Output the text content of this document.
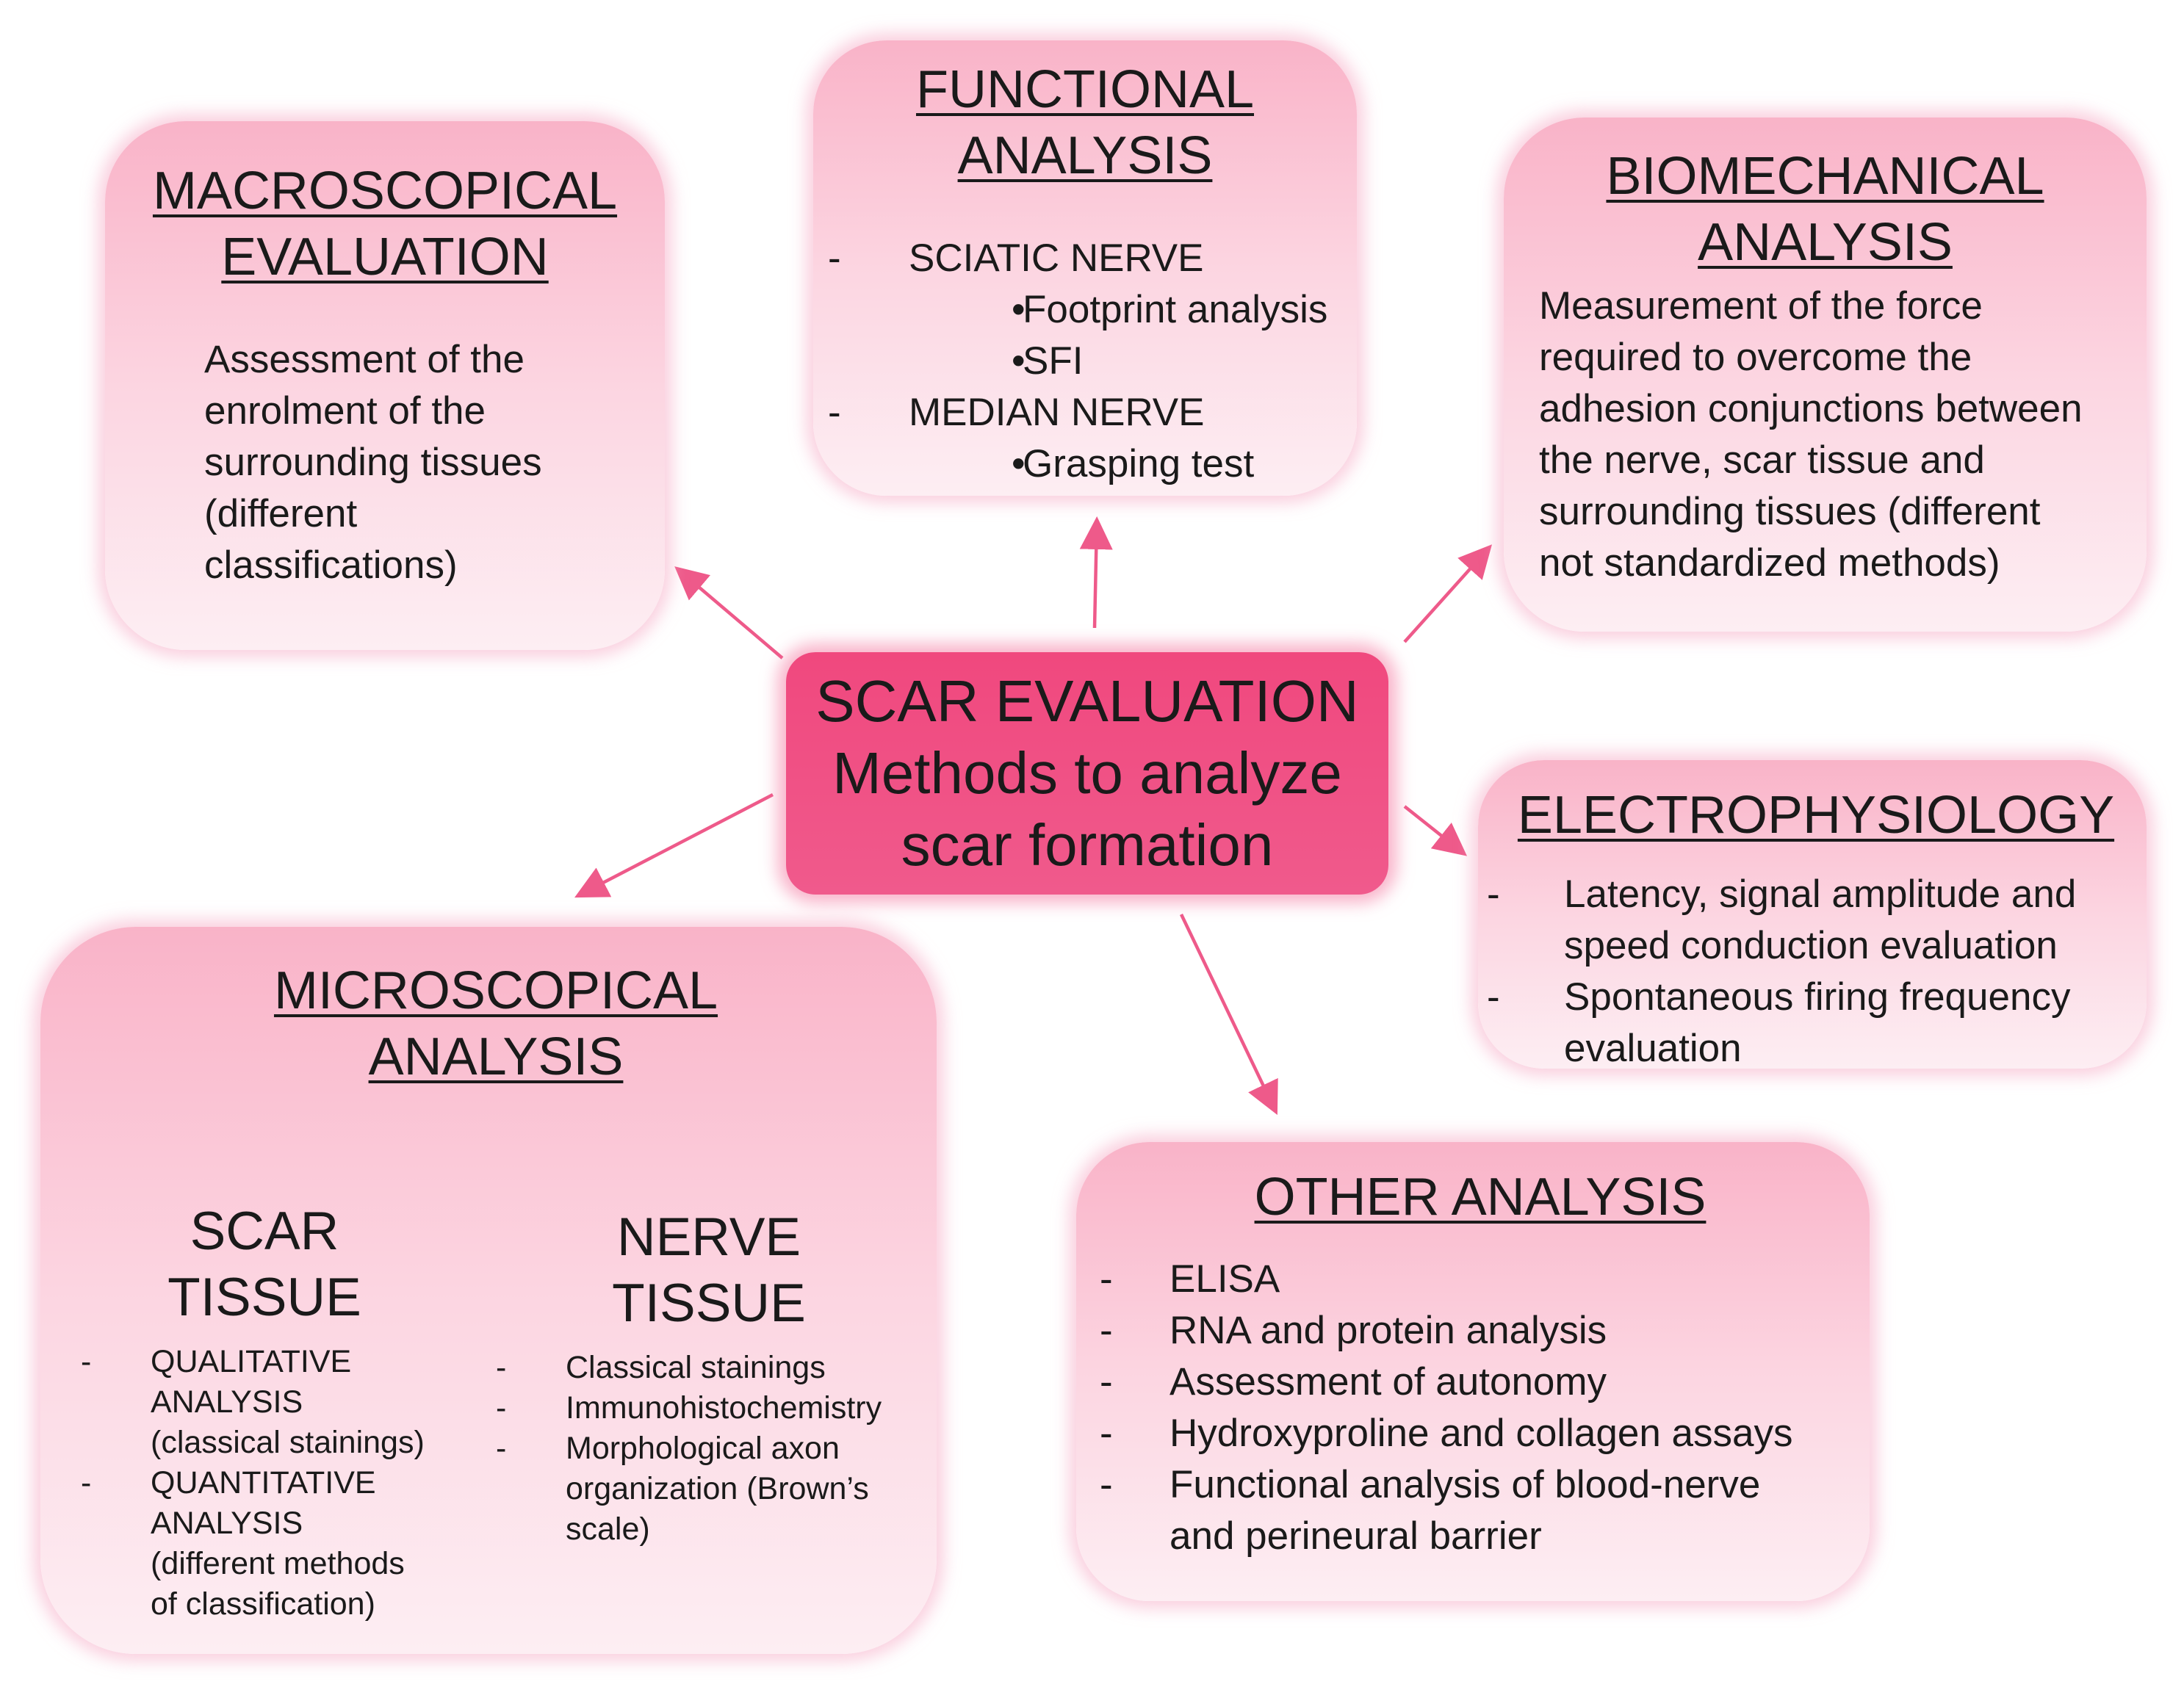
MACROSCOPICAL
EVALUATION
Assessment of the
enrolment of the
surrounding tissues
(different
classifications)
FUNCTIONAL
ANALYSIS
- SCIATIC NERVE
•
Footprint analysis
•
SFI
- MEDIAN NERVE
•
Grasping test
BIOMECHANICAL
ANALYSIS
Measurement of the force
required to overcome the
adhesion conjunctions between
the nerve, scar tissue and
surrounding tissues (different
not standardized methods)
SCAR EVALUATION
Methods to analyze
scar formation	ELECTROPHYSIOLOGY
- Latency, signal amplitude and
speed conduction evaluation
- Spontaneous firing frequency
evaluation
OTHER ANALYSIS
- ELISA
- RNA and protein analysis
- Assessment of autonomy
- Hydroxyproline and collagen assays
- Functional analysis of blood-nerve
and perineural barrier
MICROSCOPICAL
ANALYSIS
SCAR
TISSUE
NERVE
TISSUE
- QUALITATIVE
ANALYSIS
(classical stainings)
- QUANTITATIVE
ANALYSIS
(different methods
of classification)
- Classical stainings
- Immunohistochemistry
- Morphological axon
organization (Brown’s
scale)
